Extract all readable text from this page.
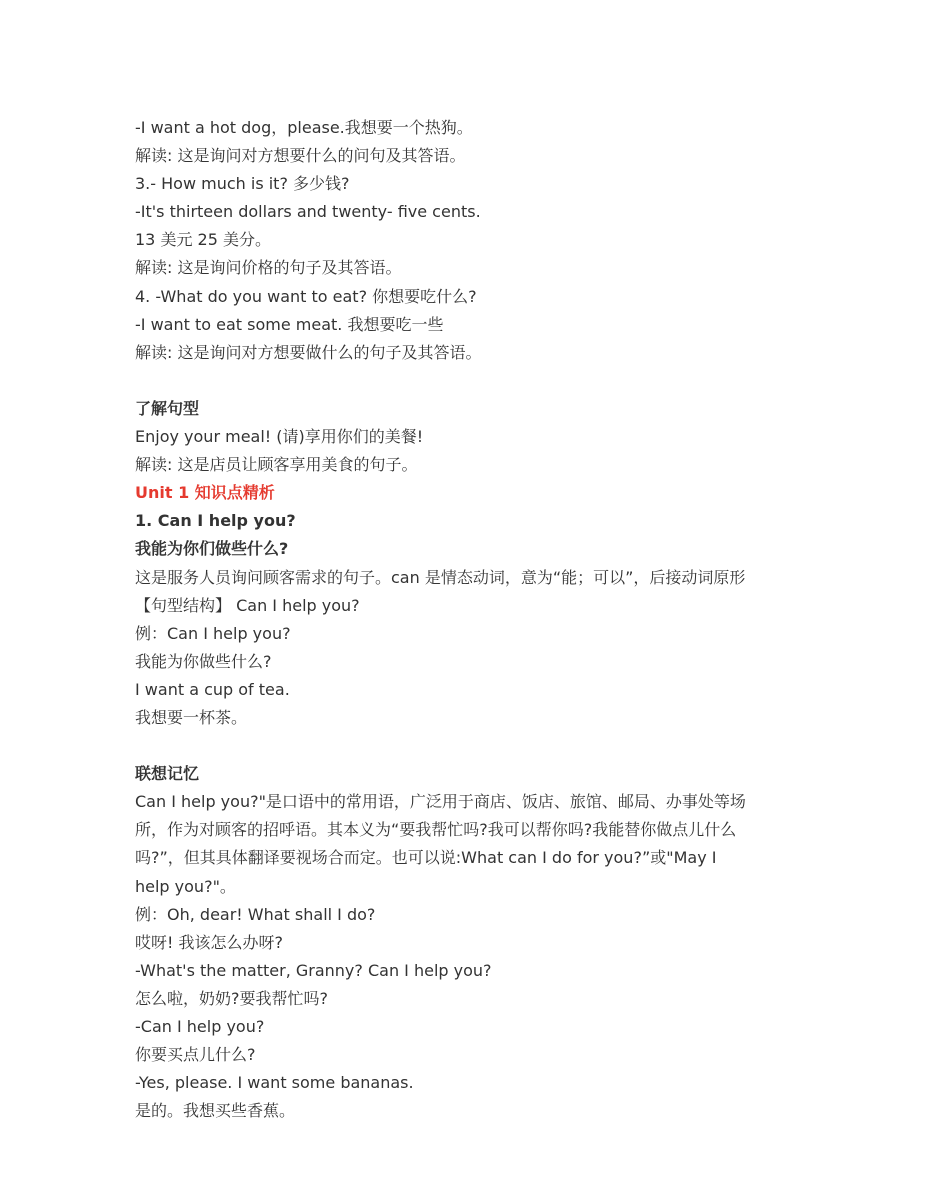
-I want a hot dog，please.我想要一个热狗。
解读: 这是询问对方想要什么的问句及其答语。
3.- How much is it? 多少钱?
-It's thirteen dollars and twenty- five cents.
13 美元 25 美分。
解读: 这是询问价格的句子及其答语。
4. -What do you want to eat? 你想要吃什么?
-I want to eat some meat. 我想要吃一些
解读: 这是询问对方想要做什么的句子及其答语。
了解句型
Enjoy your meal! (请)享用你们的美餐!
解读: 这是店员让顾客享用美食的句子。
Unit 1 知识点精析
1. Can I help you?
我能为你们做些什么?
这是服务人员询问顾客需求的句子。can 是情态动词，意为“能；可以”，后接动词原形
【句型结构】 Can I help you?
例：Can I help you?
我能为你做些什么?
I want a cup of tea.
我想要一杯茶。
联想记忆
Can I help you?"是口语中的常用语，广泛用于商店、饭店、旅馆、邮局、办事处等场
所，作为对顾客的招呼语。其本义为“要我帮忙吗?我可以帮你吗?我能替你做点儿什么
吗?”，但其具体翻译要视场合而定。也可以说:What can I do for you?”或"May I
help you?"。
例：Oh, dear! What shall I do?
哎呀! 我该怎么办呀?
-What's the matter, Granny? Can I help you?
怎么啦，奶奶?要我帮忙吗?
-Can I help you?
你要买点儿什么?
-Yes, please. I want some bananas.
是的。我想买些香蕉。
